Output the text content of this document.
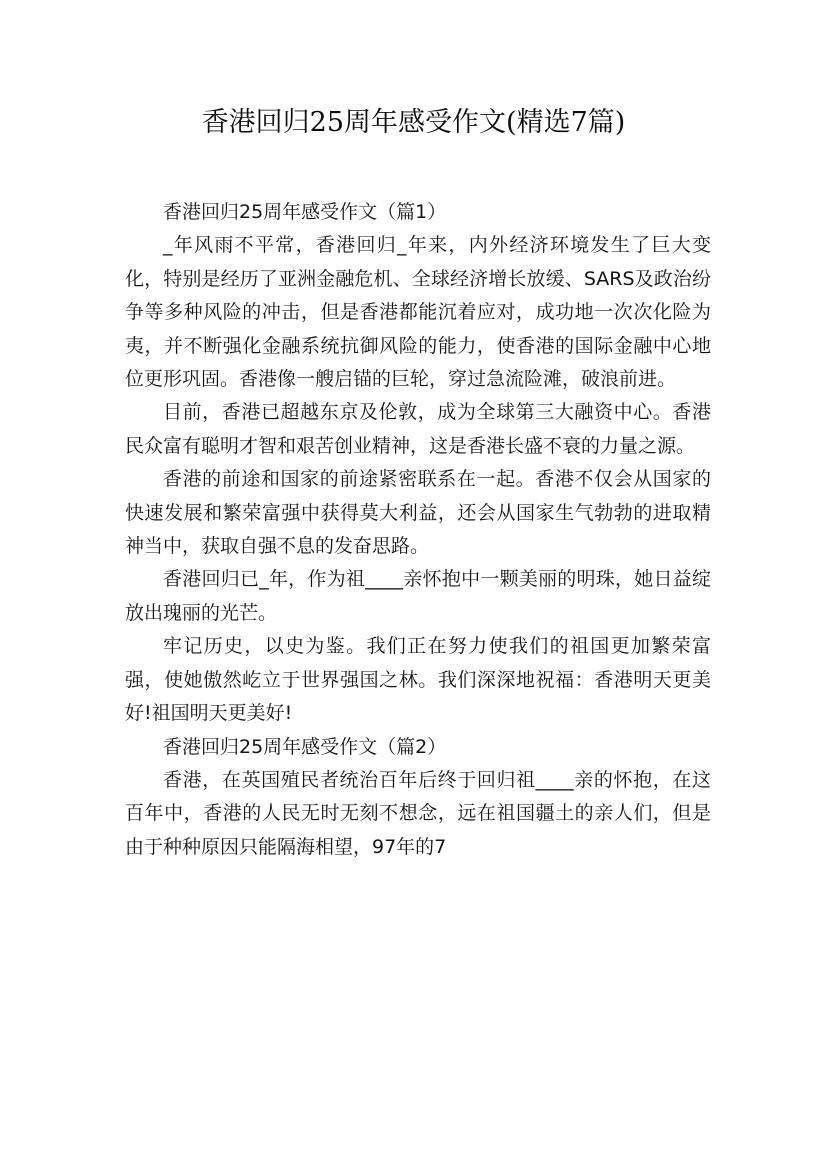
香港回归25周年感受作文(精选7篇)

香港回归25周年感受作文（篇1）

_年风雨不平常，香港回归_年来，内外经济环境发生了巨大变化，特别是经历了亚洲金融危机、全球经济增长放缓、SARS及政治纷争等多种风险的冲击，但是香港都能沉着应对，成功地一次次化险为夷，并不断强化金融系统抗御风险的能力，使香港的国际金融中心地位更形巩固。香港像一艘启锚的巨轮，穿过急流险滩，破浪前进。

目前，香港已超越东京及伦敦，成为全球第三大融资中心。香港民众富有聪明才智和艰苦创业精神，这是香港长盛不衰的力量之源。

香港的前途和国家的前途紧密联系在一起。香港不仅会从国家的快速发展和繁荣富强中获得莫大利益，还会从国家生气勃勃的进取精神当中，获取自强不息的发奋思路。

香港回归已_年，作为祖____亲怀抱中一颗美丽的明珠，她日益绽放出瑰丽的光芒。

牢记历史，以史为鉴。我们正在努力使我们的祖国更加繁荣富强，使她傲然屹立于世界强国之林。我们深深地祝福：香港明天更美好!祖国明天更美好!

香港回归25周年感受作文（篇2）

香港，在英国殖民者统治百年后终于回归祖____亲的怀抱，在这百年中，香港的人民无时无刻不想念，远在祖国疆土的亲人们，但是由于种种原因只能隔海相望，97年的7
